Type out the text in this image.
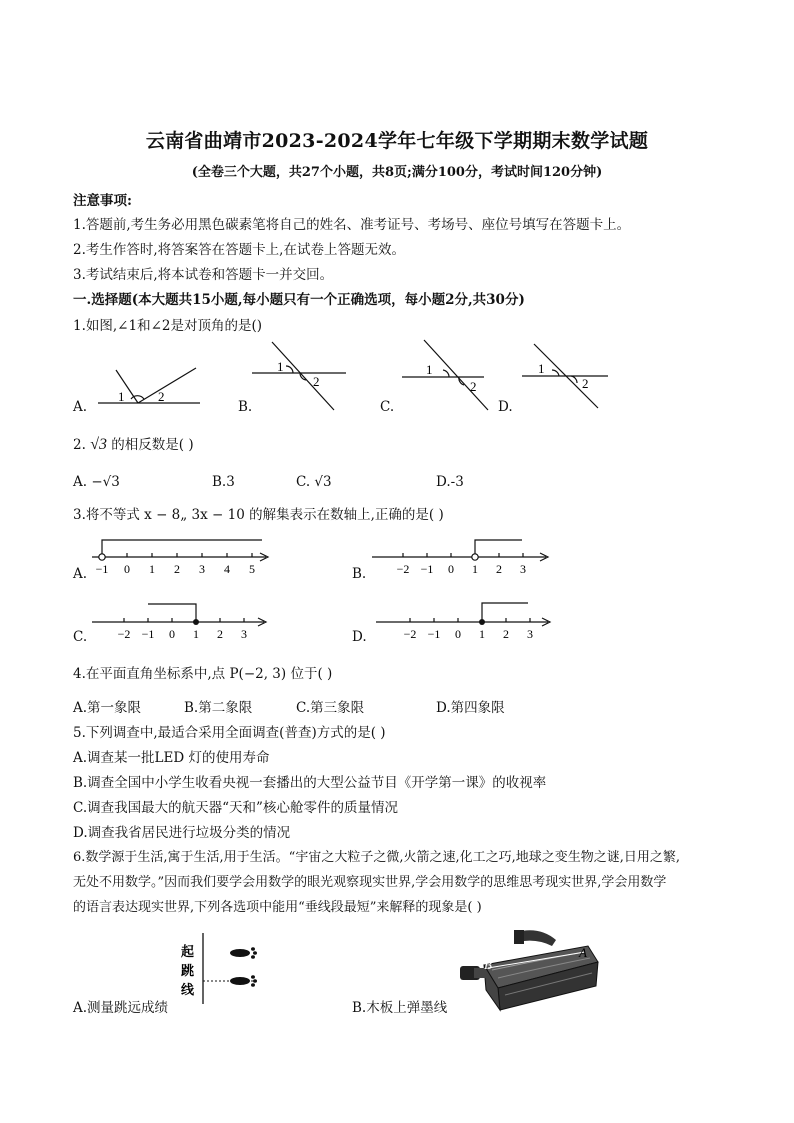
云南省曲靖市2023-2024学年七年级下学期期末数学试题
(全卷三个大题，共27个小题，共8页;满分100分，考试时间120分钟)
注意事项:
1.答题前,考生务必用黑色碳素笔将自己的姓名、准考证号、考场号、座位号填写在答题卡上。
2.考生作答时,将答案答在答题卡上,在试卷上答题无效。
3.考试结束后,将本试卷和答题卡一并交回。
一.选择题(本大题共15小题,每小题只有一个正确选项，每小题2分,共30分)
1.如图,∠1和∠2是对顶角的是()
A.	B.	C.	D.
1	2
1
2
1
2
1
2
2. √3 的相反数是( )
A. −√3	B.3	C. √3	D.-3
3.将不等式 x − 8„ 3x − 10 的解集表示在数轴上,正确的是( )
A.	B.
C.	D.
−1 0 1 2 3 4 5	−2 −1 0 1 2 3
−2 −1 0 1 2 3	−2 −1 0 1 2 3
4.在平面直角坐标系中,点 P(−2, 3) 位于( )
A.第一象限	B.第二象限	C.第三象限	D.第四象限
5.下列调查中,最适合采用全面调查(普查)方式的是( )
A.调查某一批LED 灯的使用寿命
B.调查全国中小学生收看央视一套播出的大型公益节目《开学第一课》的收视率
C.调查我国最大的航天器“天和”核心舱零件的质量情况
D.调查我省居民进行垃圾分类的情况
6.数学源于生活,寓于生活,用于生活。“宇宙之大粒子之微,火箭之速,化工之巧,地球之变生物之谜,日用之繁,
无处不用数学。”因而我们要学会用数学的眼光观察现实世界,学会用数学的思维思考现实世界,学会用数学
的语言表达现实世界,下列各选项中能用“垂线段最短”来解释的现象是( )
A.测量跳远成绩	B.木板上弹墨线
起
跳
线
A
B
